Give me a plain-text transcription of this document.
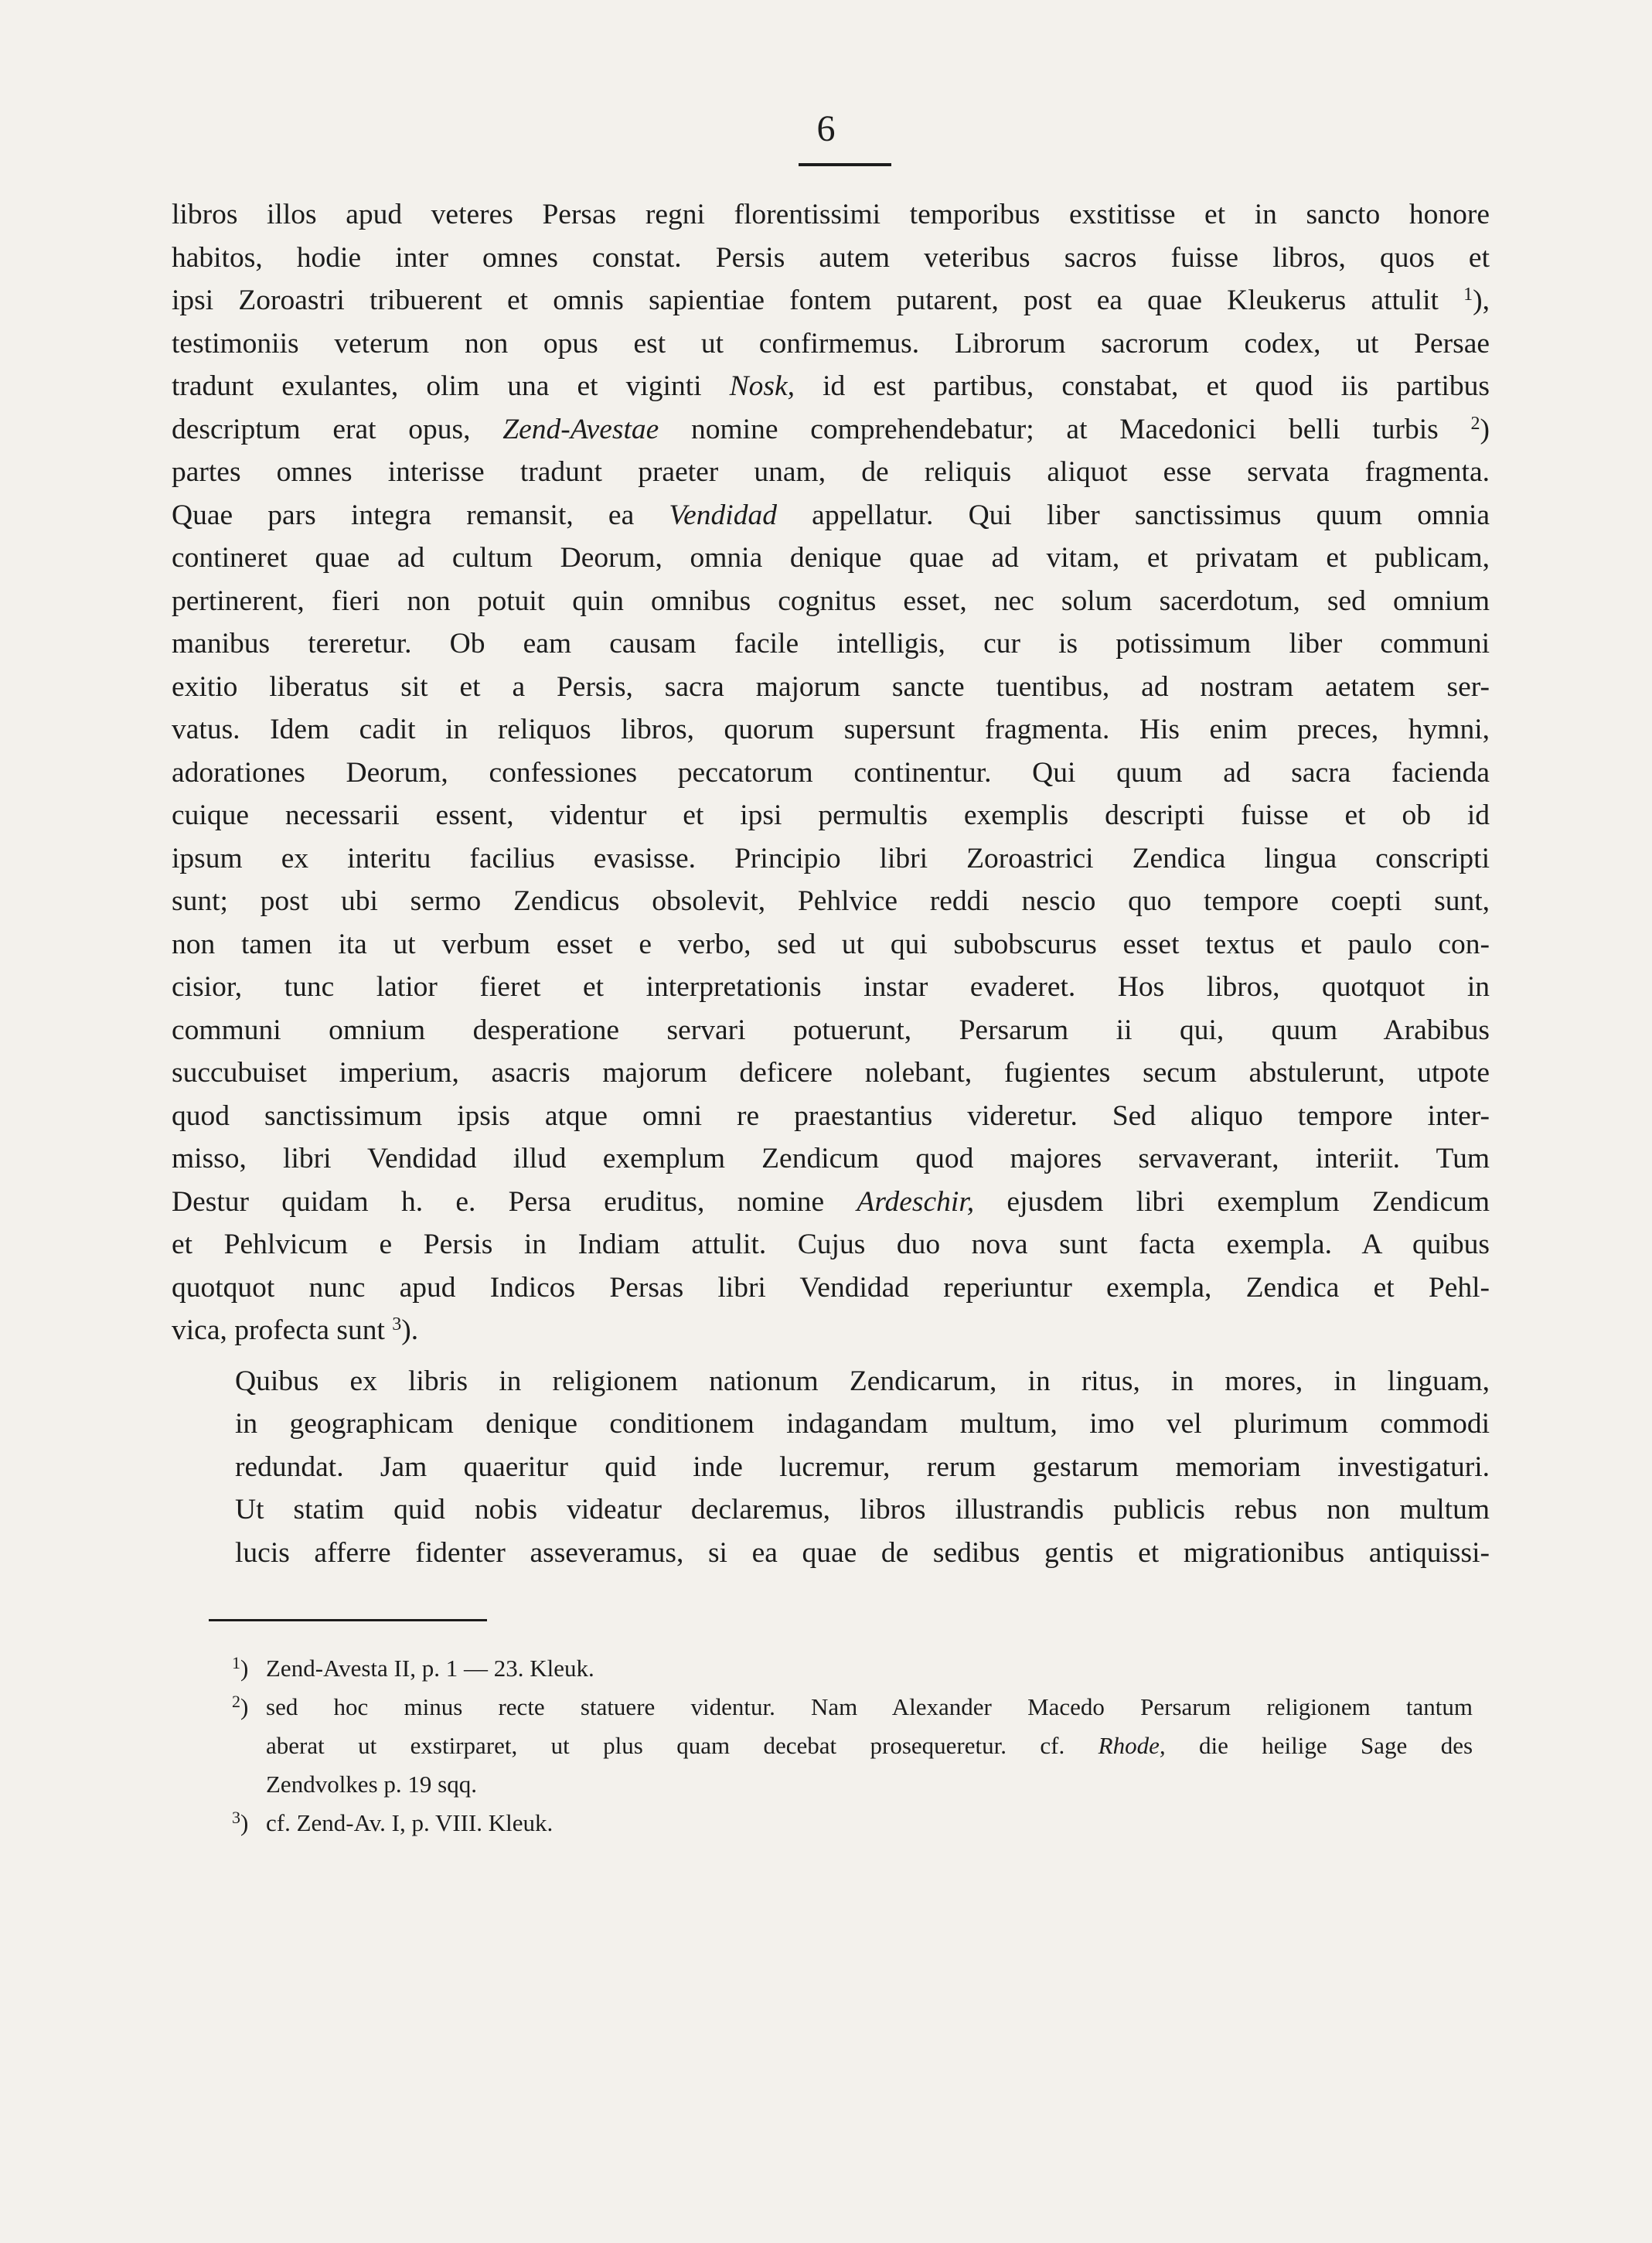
6

libros illos apud veteres Persas regni florentissimi temporibus exstitisse et in sancto honore
habitos, hodie inter omnes constat. Persis autem veteribus sacros fuisse libros, quos et
ipsi Zoroastri tribuerent et omnis sapientiae fontem putarent, post ea quae Kleukerus attulit $^1$),
testimoniis veterum non opus est ut confirmemus. Librorum sacrorum codex, ut Persae
tradunt exulantes, olim una et viginti Nosk, id est partibus, constabat, et quod iis partibus
descriptum erat opus, Zend-Avestae nomine comprehendebatur; at Macedonici belli turbis $^2$)
partes omnes interisse tradunt praeter unam, de reliquis aliquot esse servata fragmenta.
Quae pars integra remansit, ea Vendidad appellatur. Qui liber sanctissimus quum omnia
contineret quae ad cultum Deorum, omnia denique quae ad vitam, et privatam et publicam,
pertinerent, fieri non potuit quin omnibus cognitus esset, nec solum sacerdotum, sed omnium
manibus tereretur. Ob eam causam facile intelligis, cur is potissimum liber communi
exitio liberatus sit et a Persis, sacra majorum sancte tuentibus, ad nostram aetatem ser-
vatus. Idem cadit in reliquos libros, quorum supersunt fragmenta. His enim preces, hymni,
adorationes Deorum, confessiones peccatorum continentur. Qui quum ad sacra facienda
cuique necessarii essent, videntur et ipsi permultis exemplis descripti fuisse et ob id
ipsum ex interitu facilius evasisse. Principio libri Zoroastrici Zendica lingua conscripti
sunt; post ubi sermo Zendicus obsolevit, Pehlvice reddi nescio quo tempore coepti sunt,
non tamen ita ut verbum esset e verbo, sed ut qui subobscurus esset textus et paulo con-
cisior, tunc latior fieret et interpretationis instar evaderet. Hos libros, quotquot in
communi omnium desperatione servari potuerunt, Persarum ii qui, quum Arabibus
succubuiset imperium, asacris majorum deficere nolebant, fugientes secum abstulerunt, utpote
quod sanctissimum ipsis atque omni re praestantius videretur. Sed aliquo tempore inter-
misso, libri Vendidad illud exemplum Zendicum quod majores servaverant, interiit. Tum
Destur quidam h. e. Persa eruditus, nomine Ardeschir, ejusdem libri exemplum Zendicum
et Pehlvicum e Persis in Indiam attulit. Cujus duo nova sunt facta exempla. A quibus
quotquot nunc apud Indicos Persas libri Vendidad reperiuntur exempla, Zendica et Pehl-
vica, profecta sunt $^3$).

Quibus ex libris in religionem nationum Zendicarum, in ritus, in mores, in linguam,
in geographicam denique conditionem indagandam multum, imo vel plurimum commodi
redundat. Jam quaeritur quid inde lucremur, rerum gestarum memoriam investigaturi.
Ut statim quid nobis videatur declaremus, libros illustrandis publicis rebus non multum
lucis afferre fidenter asseveramus, si ea quae de sedibus gentis et migrationibus antiquissi-

$^1$) Zend-Avesta II, p. 1 — 23. Kleuk.
$^2$) sed hoc minus recte statuere videntur. Nam Alexander Macedo Persarum religionem tantum
aberat ut exstirparet, ut plus quam decebat prosequeretur. cf. Rhode, die heilige Sage des
Zendvolkes p. 19 sqq.
$^3$) cf. Zend-Av. I, p. VIII. Kleuk.
